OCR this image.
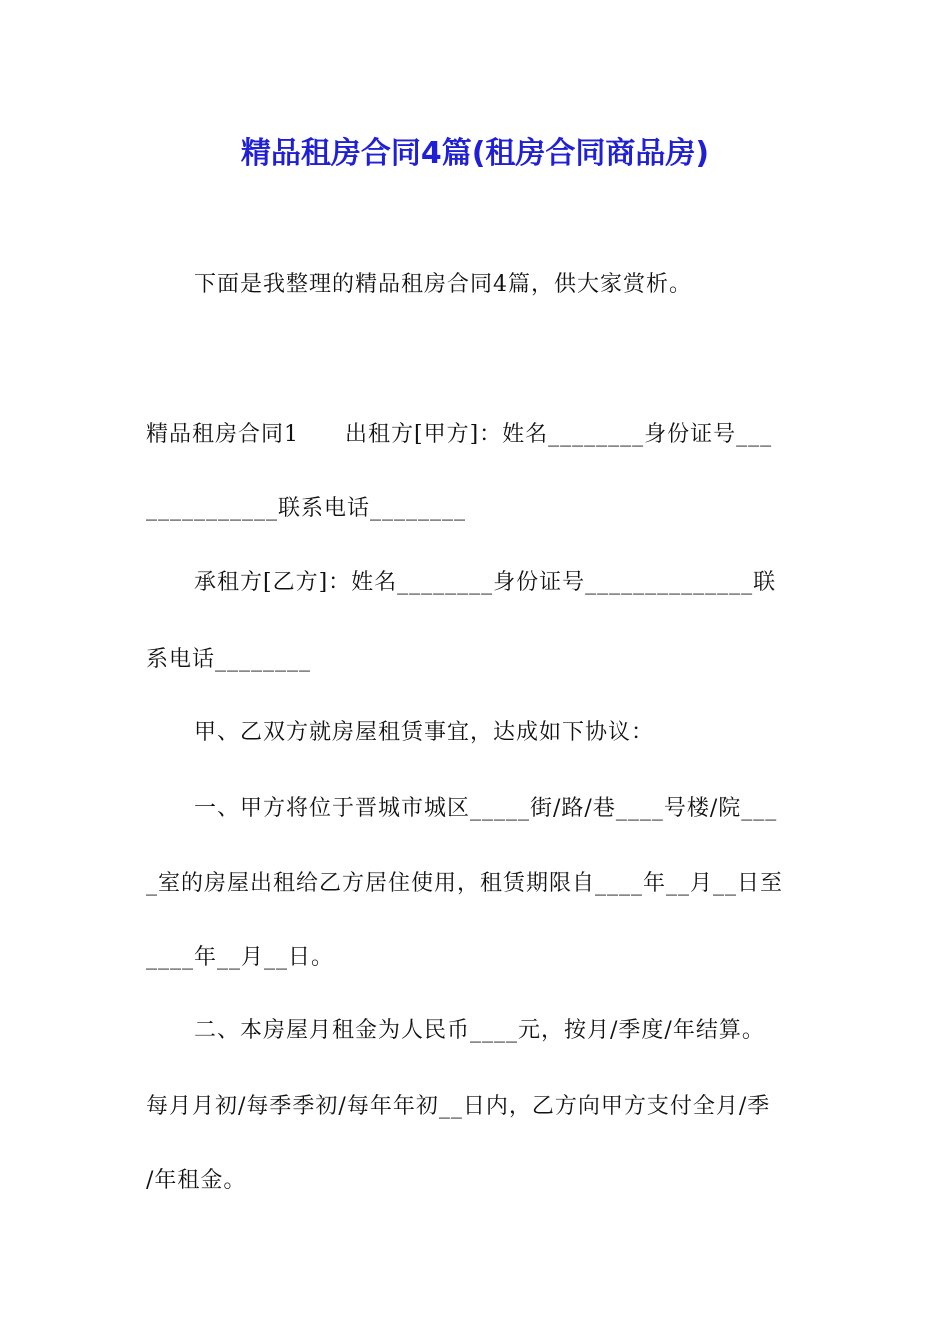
精品租房合同4篇(租房合同商品房)
下面是我整理的精品租房合同4篇，供大家赏析。
精品租房合同1　　出租方[甲方]：姓名________身份证号___
___________联系电话________
承租方[乙方]：姓名________身份证号______________联
系电话________
甲、乙双方就房屋租赁事宜，达成如下协议：
一、甲方将位于晋城市城区_____街/路/巷____号楼/院___
_室的房屋出租给乙方居住使用，租赁期限自____年__月__日至
____年__月__日。
二、本房屋月租金为人民币____元，按月/季度/年结算。
每月月初/每季季初/每年年初__日内，乙方向甲方支付全月/季
/年租金。
